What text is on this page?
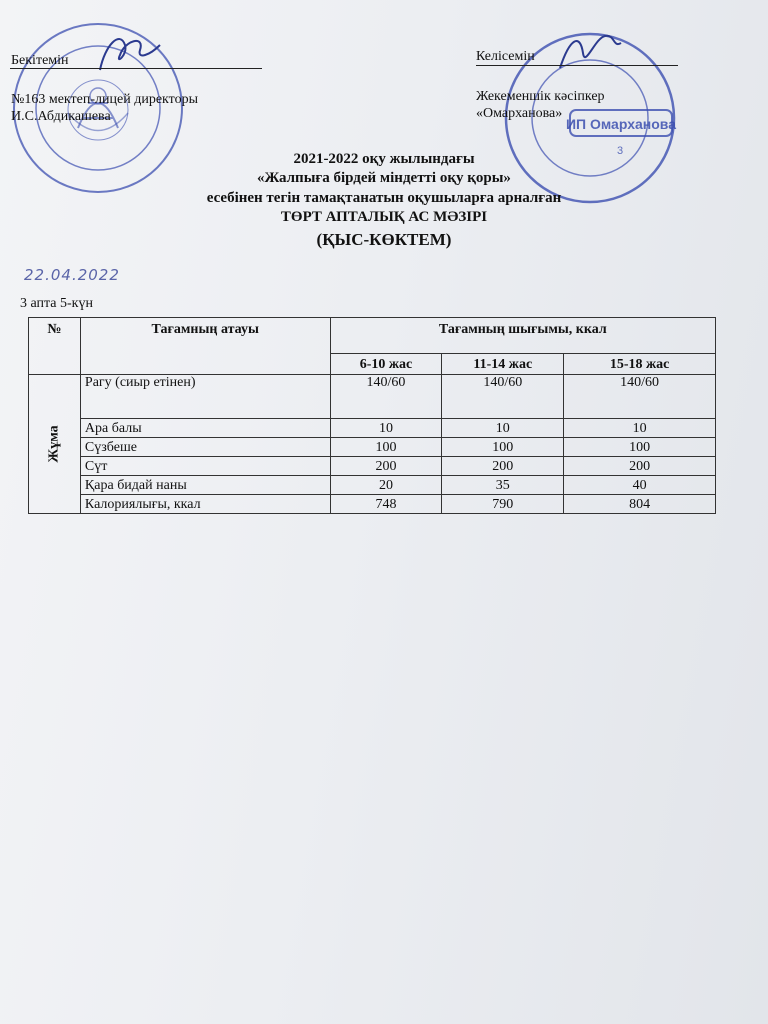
ИП Омарханова
3
Бекітемін
№163 мектеп-лицей директоры
И.С.Абдикашева
Келісемін
Жекеменшік кәсіпкер
«Омарханова»
2021-2022 оқу жылындағы
«Жалпыға бірдей міндетті оқу қоры»
есебінен тегін тамақтанатын оқушыларға арналған
ТӨРТ АПТАЛЫҚ АС МӘЗІРІ
(ҚЫС-КӨКТЕМ)
22.04.2022
3 апта 5-күн
№	Тағамның атауы	Тағамның шығымы, ккал		
		6-10 жас	11-14 жас	15-18 жас

Жұма	Рагу (сиыр етінен)	140/60	140/60	140/60
	Ара балы	10	10	10
	Сүзбеше	100	100	100
	Сүт	200	200	200
	Қара бидай наны	20	35	40
	Калориялығы, ккал	748	790	804
